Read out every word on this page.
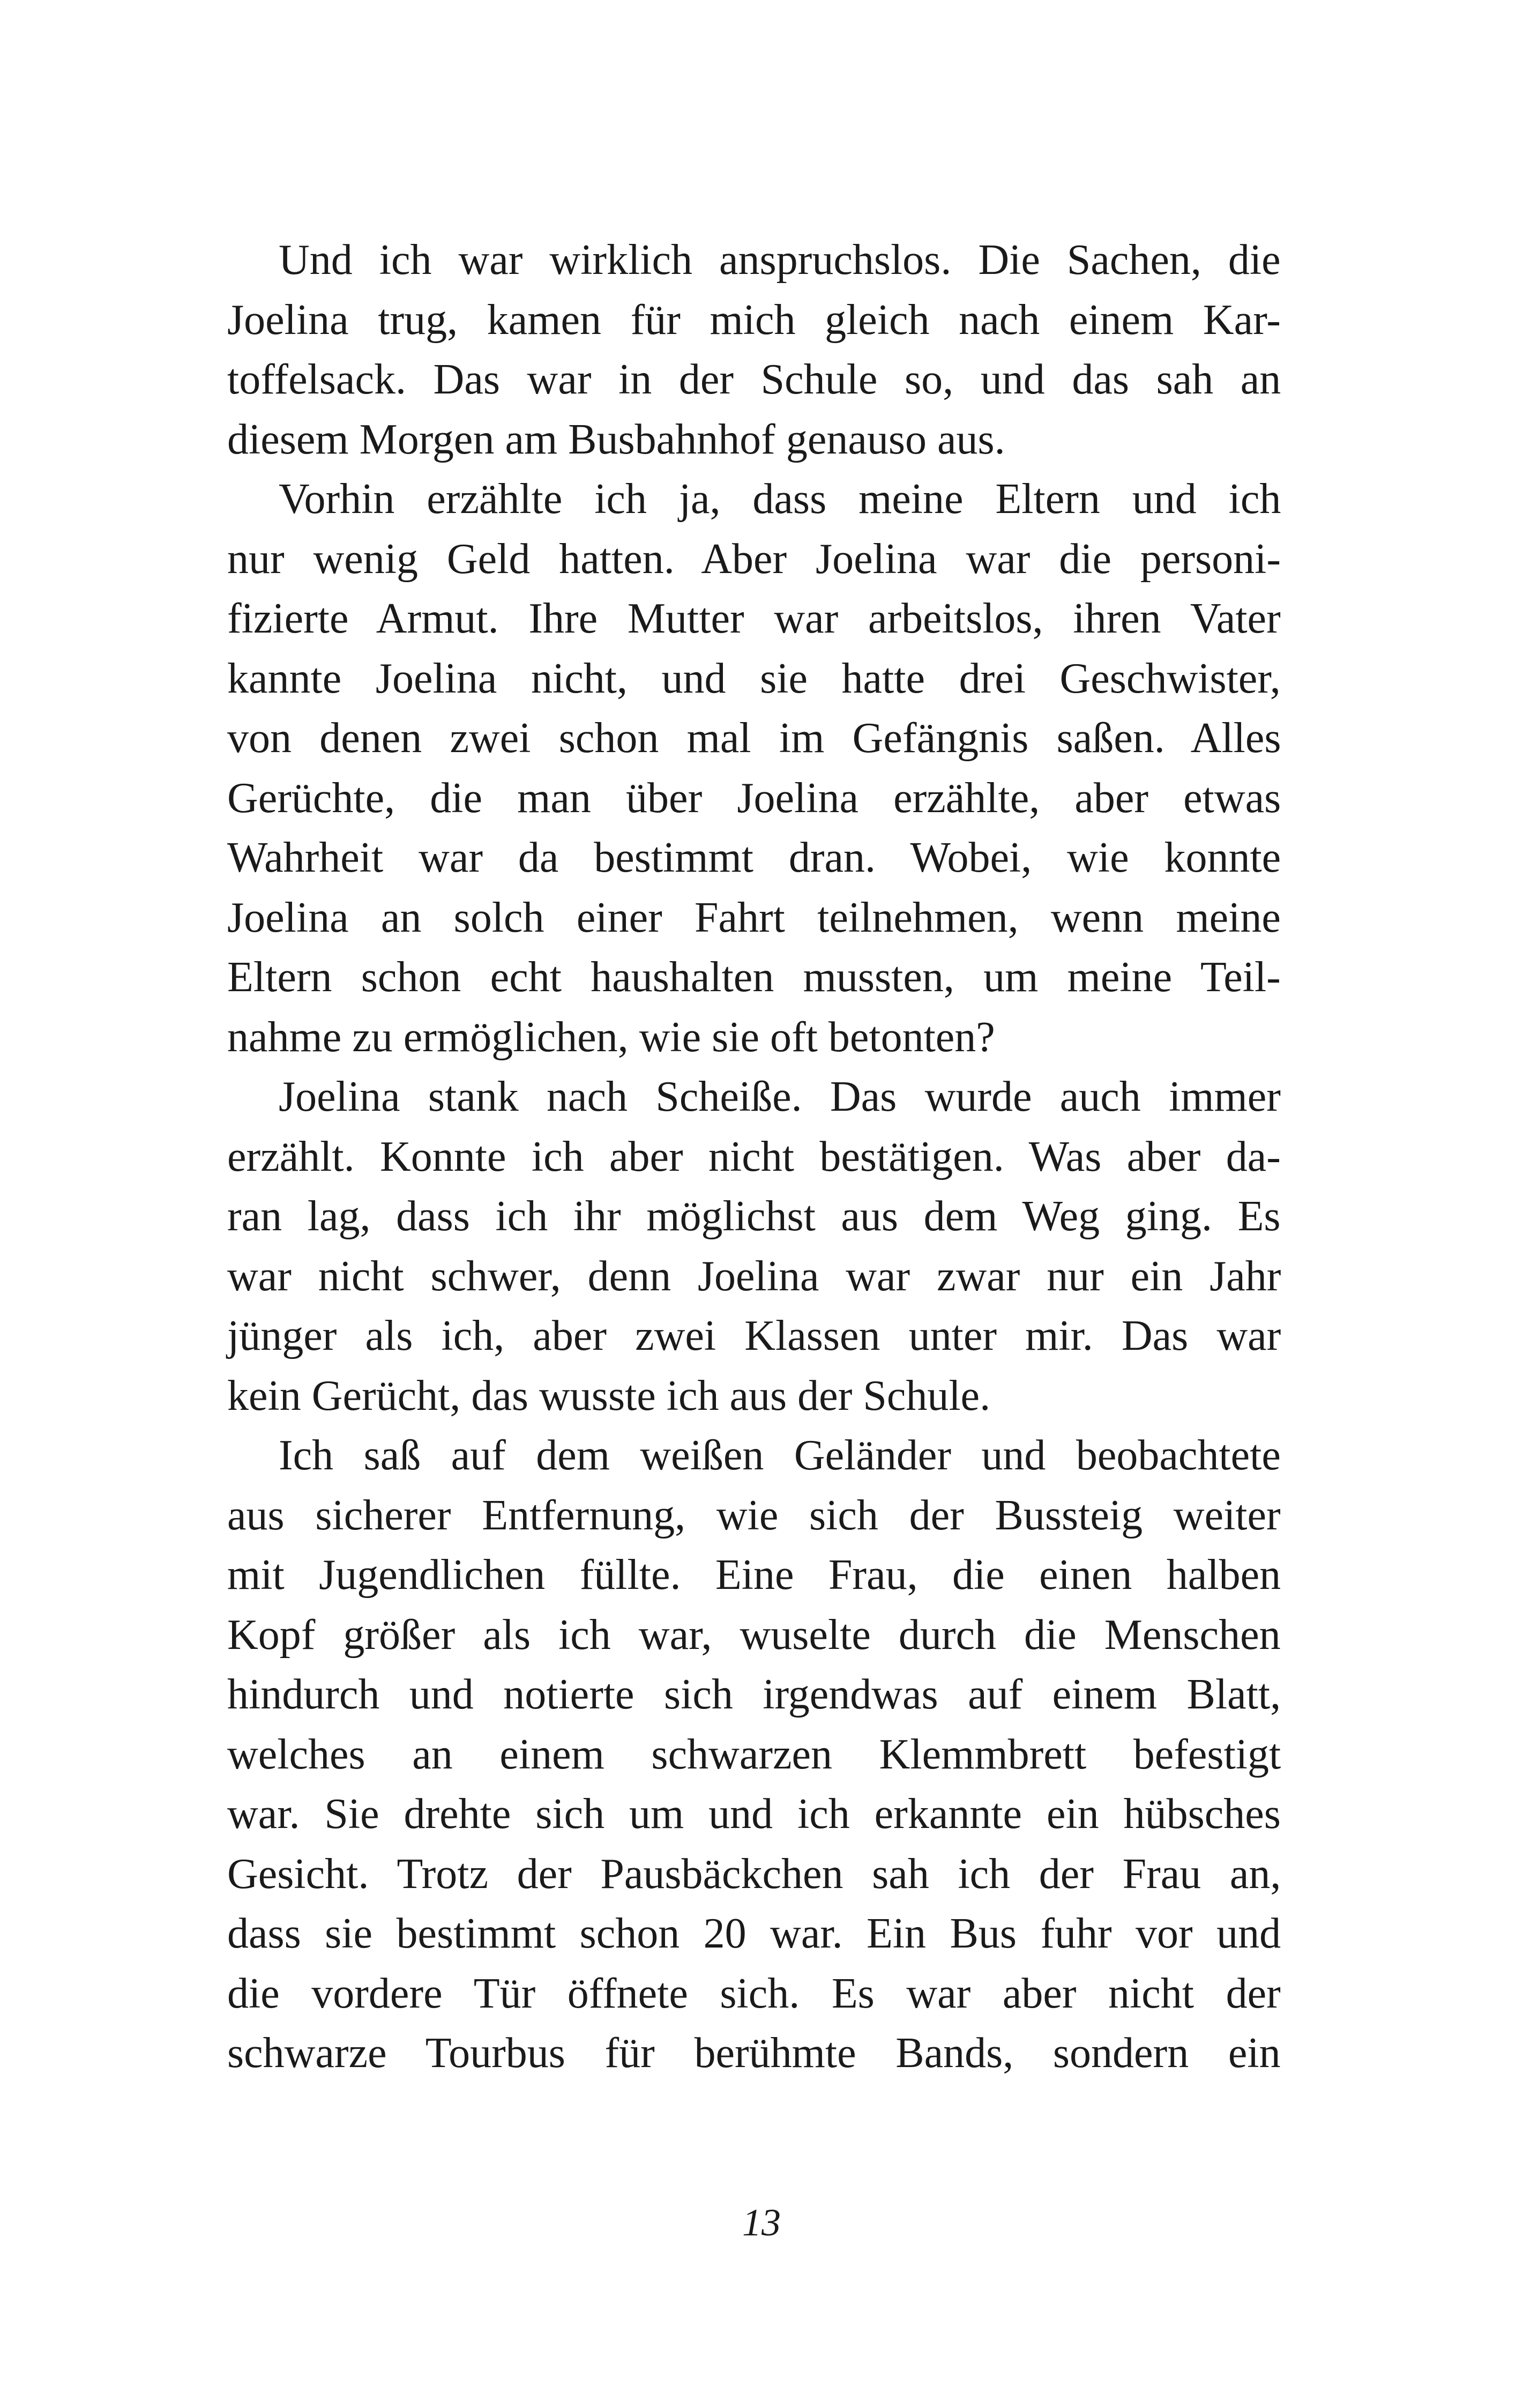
Und ich war wirklich anspruchslos. Die Sachen, die
Joelina trug, kamen für mich gleich nach einem Kar-
toffelsack. Das war in der Schule so, und das sah an
diesem Morgen am Busbahnhof genauso aus.
Vorhin erzählte ich ja, dass meine Eltern und ich
nur wenig Geld hatten. Aber Joelina war die personi-
fizierte Armut. Ihre Mutter war arbeitslos, ihren Vater
kannte Joelina nicht, und sie hatte drei Geschwister,
von denen zwei schon mal im Gefängnis saßen. Alles
Gerüchte, die man über Joelina erzählte, aber etwas
Wahrheit war da bestimmt dran. Wobei, wie konnte
Joelina an solch einer Fahrt teilnehmen, wenn meine
Eltern schon echt haushalten mussten, um meine Teil-
nahme zu ermöglichen, wie sie oft betonten?
Joelina stank nach Scheiße. Das wurde auch immer
erzählt. Konnte ich aber nicht bestätigen. Was aber da-
ran lag, dass ich ihr möglichst aus dem Weg ging. Es
war nicht schwer, denn Joelina war zwar nur ein Jahr
jünger als ich, aber zwei Klassen unter mir. Das war
kein Gerücht, das wusste ich aus der Schule.
Ich saß auf dem weißen Geländer und beobachtete
aus sicherer Entfernung, wie sich der Bussteig weiter
mit Jugendlichen füllte. Eine Frau, die einen halben
Kopf größer als ich war, wuselte durch die Menschen
hindurch und notierte sich irgendwas auf einem Blatt,
welches an einem schwarzen Klemmbrett befestigt
war. Sie drehte sich um und ich erkannte ein hübsches
Gesicht. Trotz der Pausbäckchen sah ich der Frau an,
dass sie bestimmt schon 20 war. Ein Bus fuhr vor und
die vordere Tür öffnete sich. Es war aber nicht der
schwarze Tourbus für berühmte Bands, sondern ein
13
